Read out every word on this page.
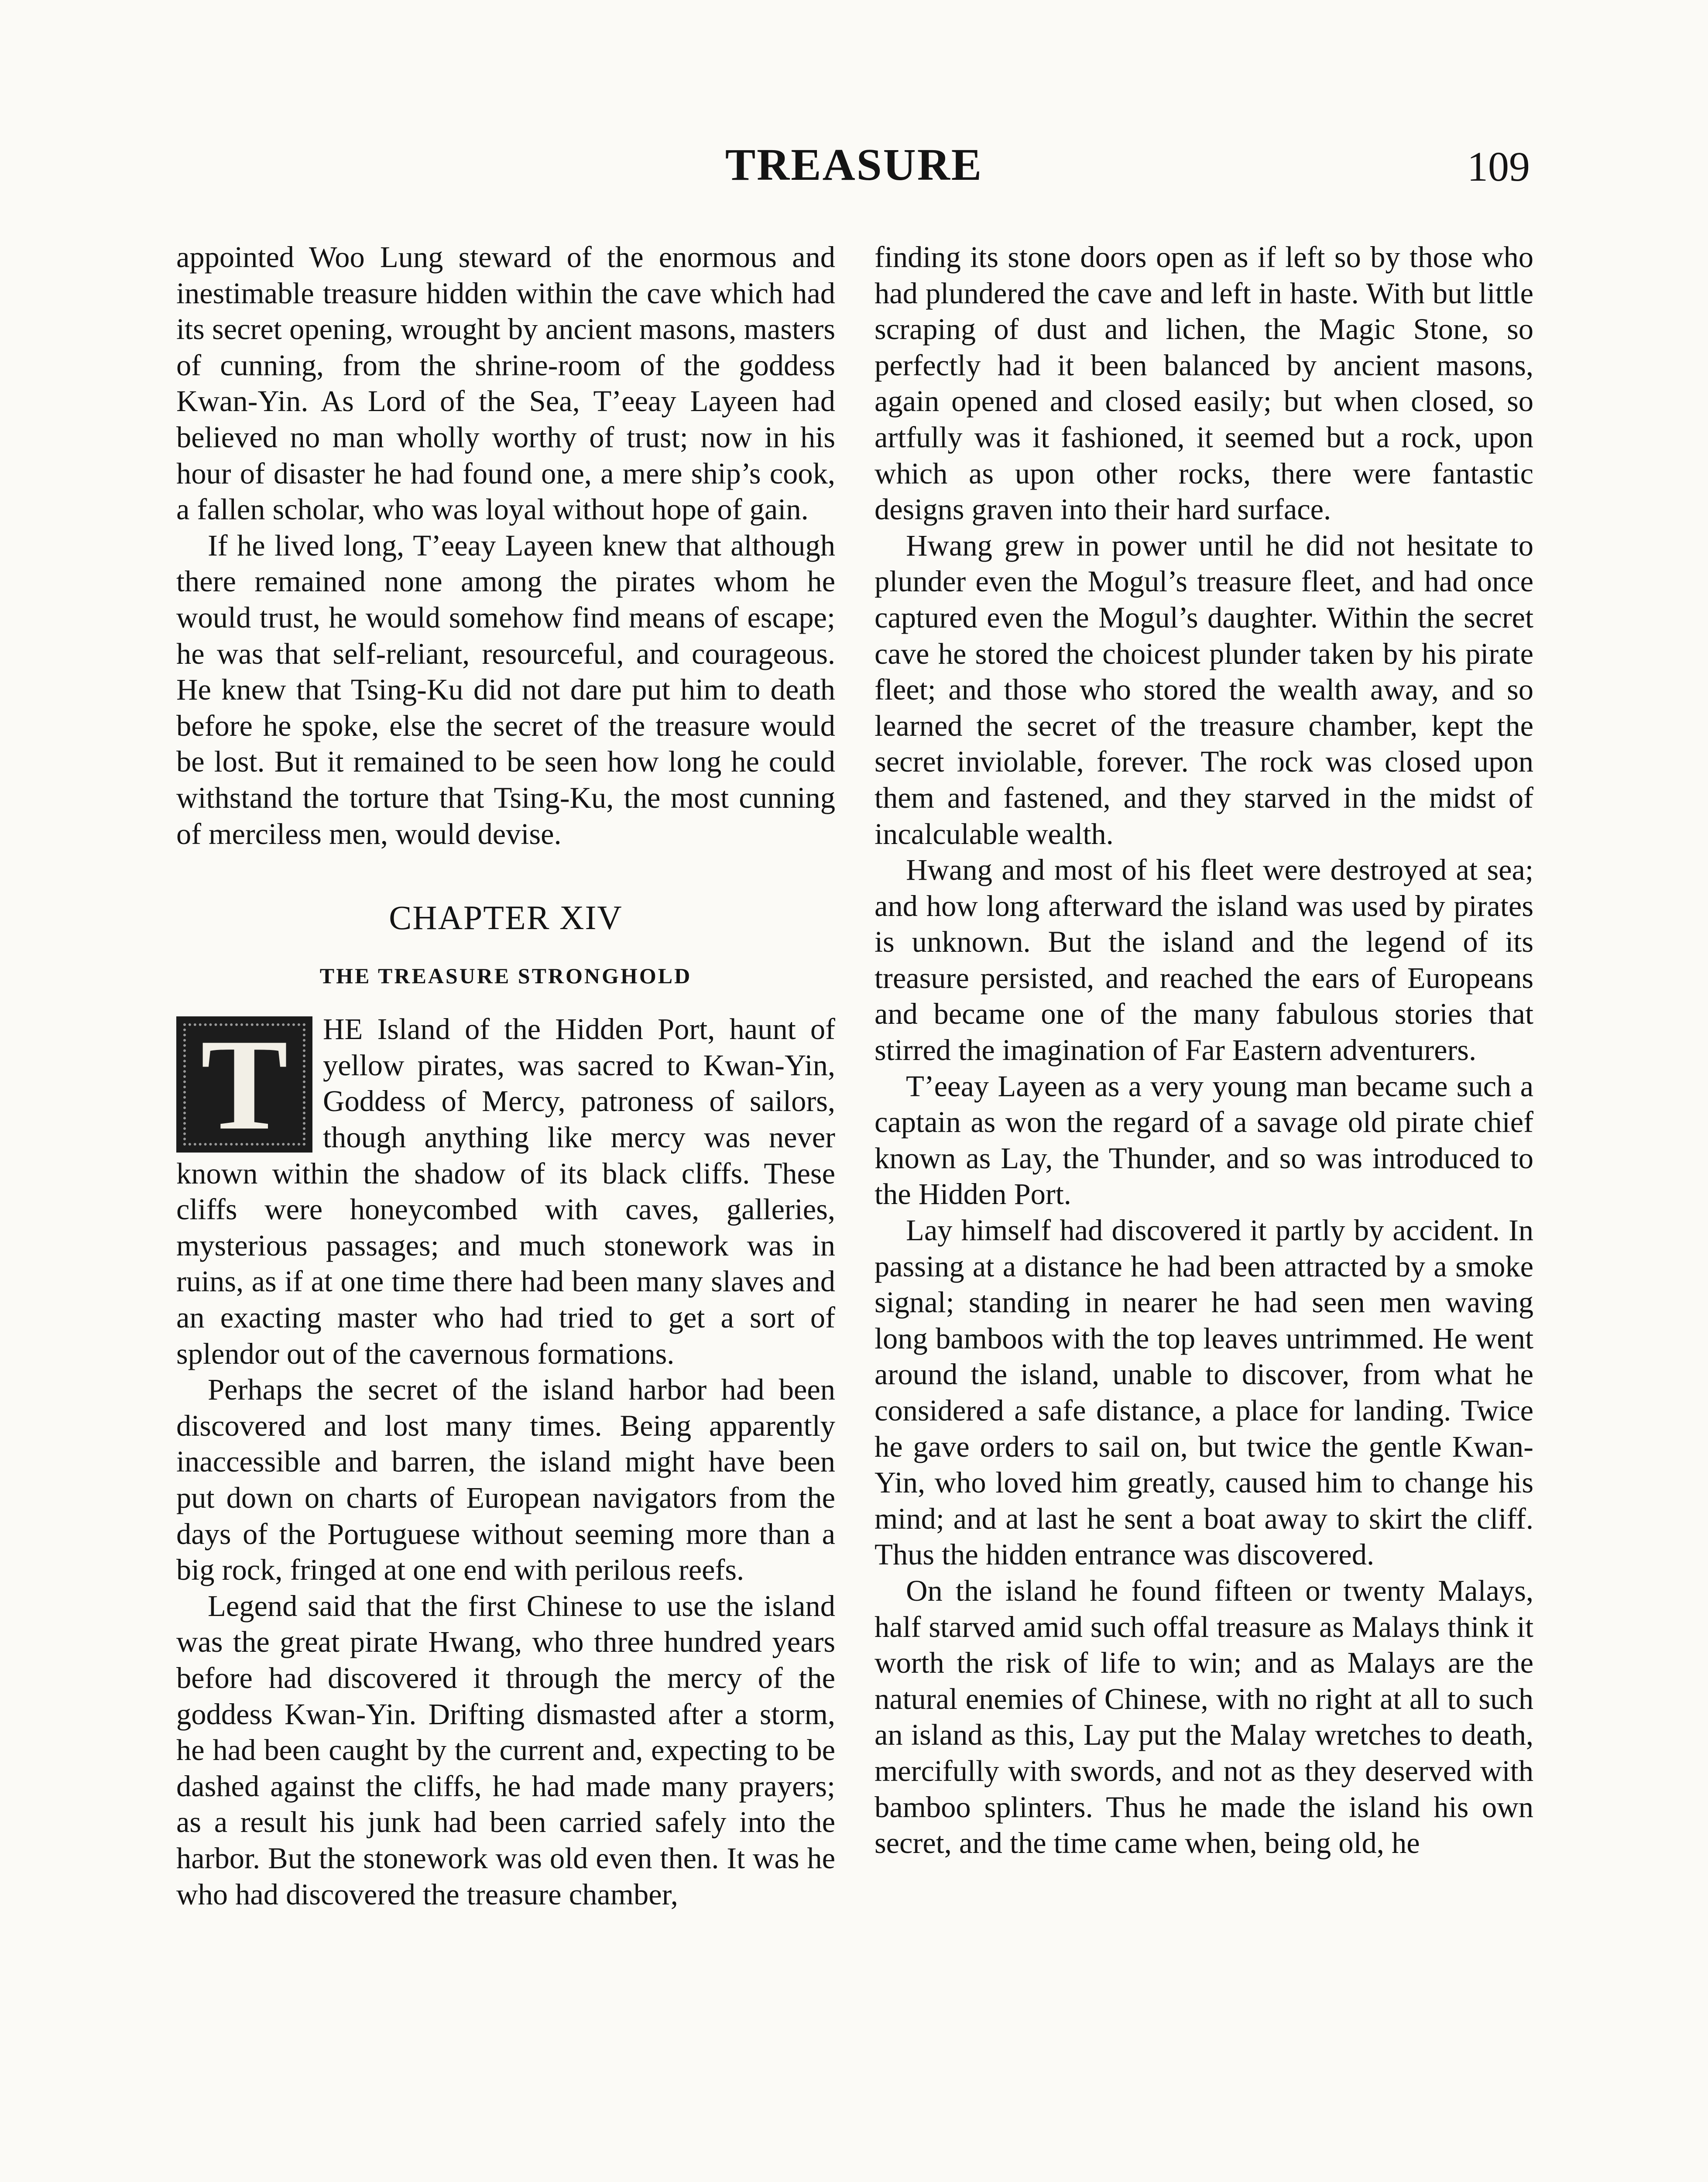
TREASURE	109

appointed Woo Lung steward of the enormous and inestimable treasure hidden within the cave which had its secret opening, wrought by ancient masons, masters of cunning, from the shrine-room of the goddess Kwan-Yin. As Lord of the Sea, T’eeay Layeen had believed no man wholly worthy of trust; now in his hour of disaster he had found one, a mere ship’s cook, a fallen scholar, who was loyal without hope of gain.

If he lived long, T’eeay Layeen knew that although there remained none among the pirates whom he would trust, he would somehow find means of escape; he was that self-reliant, resourceful, and courageous. He knew that Tsing-Ku did not dare put him to death before he spoke, else the secret of the treasure would be lost. But it remained to be seen how long he could withstand the torture that Tsing-Ku, the most cunning of merciless men, would devise.

CHAPTER XIV
THE TREASURE STRONGHOLD

T	HE Island of the Hidden Port, haunt of yellow pirates, was sacred to Kwan-Yin, Goddess of Mercy, patroness of sailors, though anything like mercy was never known within the shadow of its black cliffs. These cliffs were honeycombed with caves, galleries, mysterious passages; and much stonework was in ruins, as if at one time there had been many slaves and an exacting master who had tried to get a sort of splendor out of the cavernous formations.

Perhaps the secret of the island harbor had been discovered and lost many times. Being apparently inaccessible and barren, the island might have been put down on charts of European navigators from the days of the Portuguese without seeming more than a big rock, fringed at one end with perilous reefs.

Legend said that the first Chinese to use the island was the great pirate Hwang, who three hundred years before had discovered it through the mercy of the goddess Kwan-Yin. Drifting dismasted after a storm, he had been caught by the current and, expecting to be dashed against the cliffs, he had made many prayers; as a result his junk had been carried safely into the harbor. But the stonework was old even then. It was he who had discovered the treasure chamber,

finding its stone doors open as if left so by those who had plundered the cave and left in haste. With but little scraping of dust and lichen, the Magic Stone, so perfectly had it been balanced by ancient masons, again opened and closed easily; but when closed, so artfully was it fashioned, it seemed but a rock, upon which as upon other rocks, there were fantastic designs graven into their hard surface.

Hwang grew in power until he did not hesitate to plunder even the Mogul’s treasure fleet, and had once captured even the Mogul’s daughter. Within the secret cave he stored the choicest plunder taken by his pirate fleet; and those who stored the wealth away, and so learned the secret of the treasure chamber, kept the secret inviolable, forever. The rock was closed upon them and fastened, and they starved in the midst of incalculable wealth.

Hwang and most of his fleet were destroyed at sea; and how long afterward the island was used by pirates is unknown. But the island and the legend of its treasure persisted, and reached the ears of Europeans and became one of the many fabulous stories that stirred the imagination of Far Eastern adventurers.

T’eeay Layeen as a very young man became such a captain as won the regard of a savage old pirate chief known as Lay, the Thunder, and so was introduced to the Hidden Port.

Lay himself had discovered it partly by accident. In passing at a distance he had been attracted by a smoke signal; standing in nearer he had seen men waving long bamboos with the top leaves untrimmed. He went around the island, unable to discover, from what he considered a safe distance, a place for landing. Twice he gave orders to sail on, but twice the gentle Kwan-Yin, who loved him greatly, caused him to change his mind; and at last he sent a boat away to skirt the cliff. Thus the hidden entrance was discovered.

On the island he found fifteen or twenty Malays, half starved amid such offal treasure as Malays think it worth the risk of life to win; and as Malays are the natural enemies of Chinese, with no right at all to such an island as this, Lay put the Malay wretches to death, mercifully with swords, and not as they deserved with bamboo splinters. Thus he made the island his own secret, and the time came when, being old, he
